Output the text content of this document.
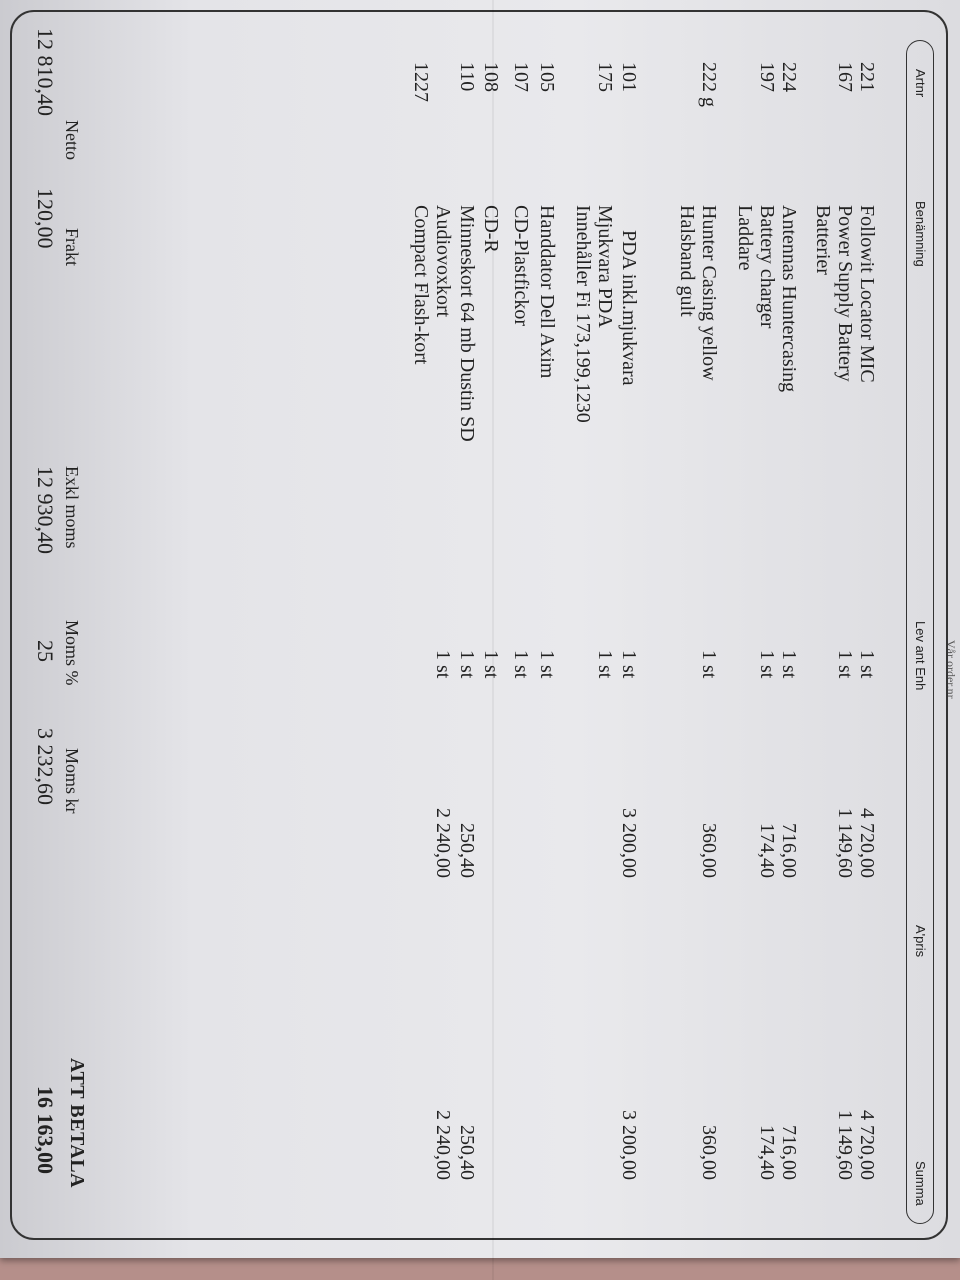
Vår order.nr
Artnr
Benämning
Lev ant Enh
A'pris
Summa
221
Followit Locator MIC
1 st
4 720,00
4 720,00
167
Power Supply Battery
1 st
1 149,60
1 149,60
Batterier
224
Antennas Huntercasing
1 st
716,00
716,00
197
Battery charger
1 st
174,40
174,40
Laddare
222 g
Hunter Casing yellow
1 st
360,00
360,00
Halsband gult
101
PDA inkl.mjukvara
1 st
3 200,00
3 200,00
175
Mjukvara PDA
1 st
Innehåller Fi 173,199,1230
105
Handdator Dell Axim
1 st
107
CD-Plastfickor
1 st
108
CD-R
1 st
110
Minneskort 64 mb Dustin SD
1 st
250,40
250,40
Audiovoxkort
1 st
2 240,00
2 240,00
1227
Compact Flash-kort
Netto
12 810,40
Frakt
120,00
Exkl moms
12 930,40
Moms %
25
Moms kr
3 232,60
ATT BETALA
16 163,00
